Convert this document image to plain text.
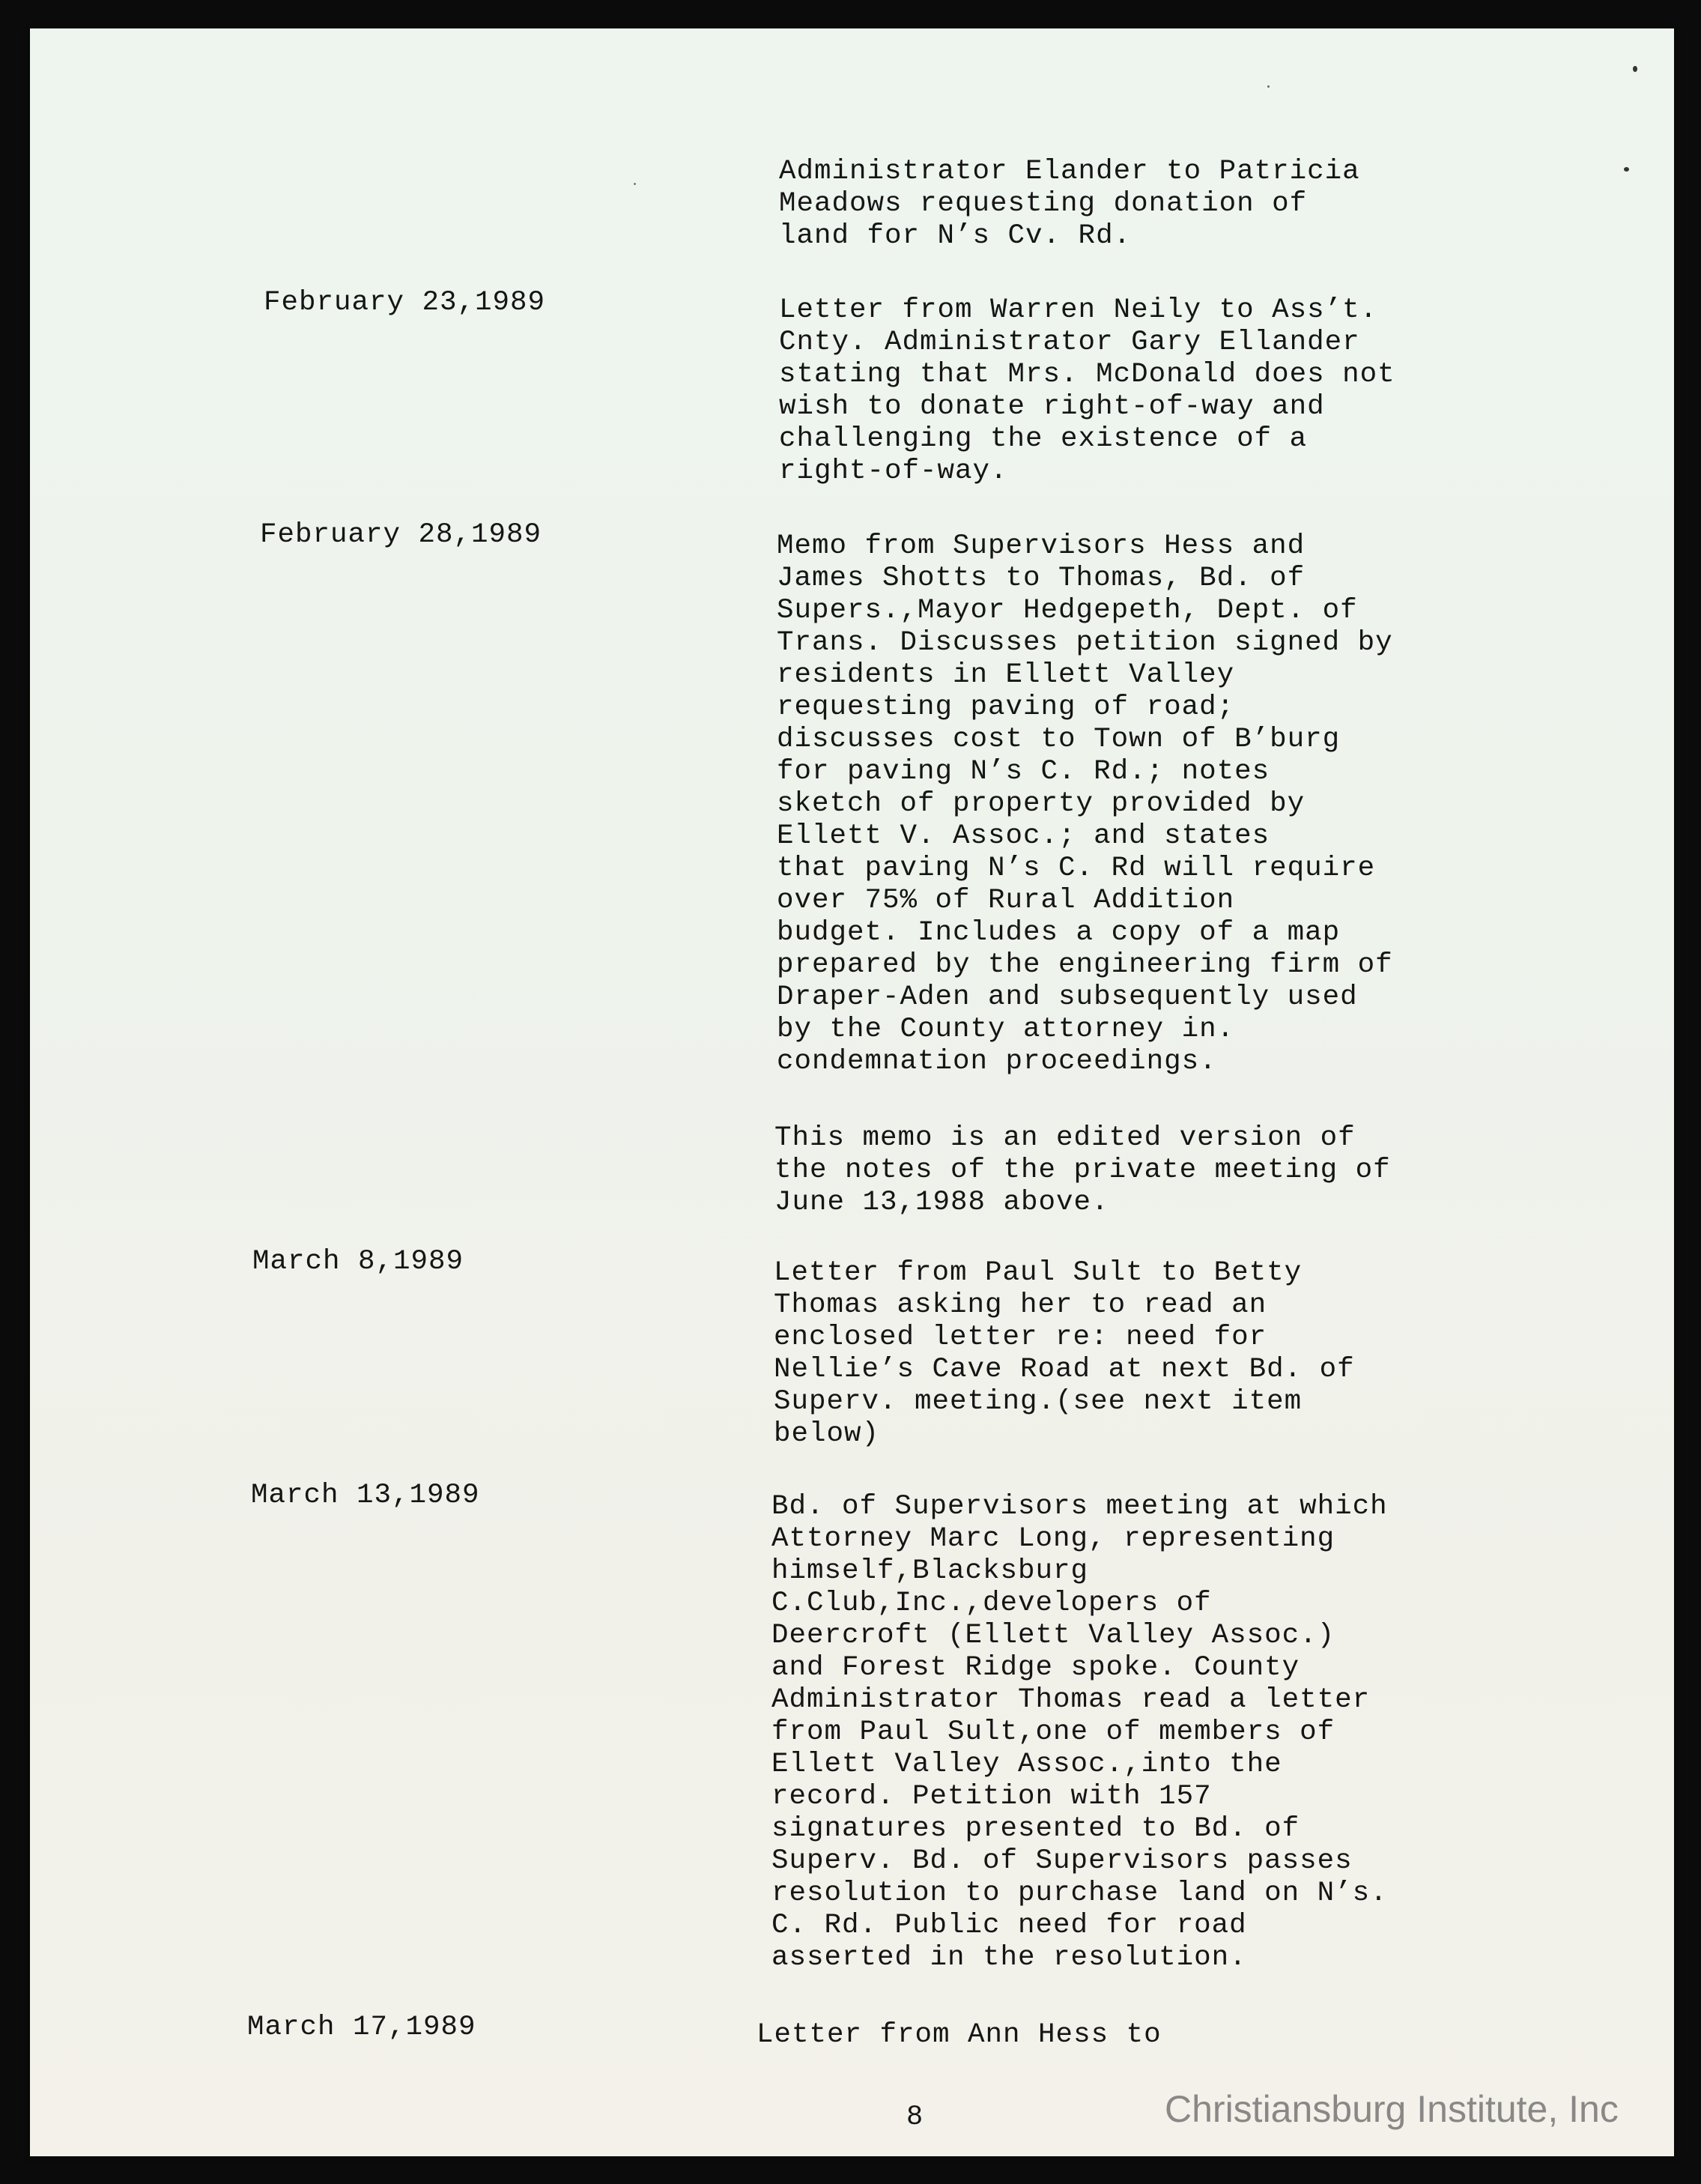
Administrator Elander to Patricia
Meadows requesting donation of
land for N’s Cv. Rd.
February 23,1989	Letter from Warren Neily to Ass’t.
Cnty. Administrator Gary Ellander
stating that Mrs. McDonald does not
wish to donate right-of-way and
challenging the existence of a
right-of-way.
February 28,1989	Memo from Supervisors Hess and
James Shotts to Thomas, Bd. of
Supers.,Mayor Hedgepeth, Dept. of
Trans. Discusses petition signed by
residents in Ellett Valley
requesting paving of road;
discusses cost to Town of B’burg
for paving N’s C. Rd.; notes
sketch of property provided by
Ellett V. Assoc.; and states
that paving N’s C. Rd will require
over 75% of Rural Addition
budget. Includes a copy of a map
prepared by the engineering firm of
Draper-Aden and subsequently used
by the County attorney in.
condemnation proceedings.
This memo is an edited version of
the notes of the private meeting of
June 13,1988 above.
March 8,1989	Letter from Paul Sult to Betty
Thomas asking her to read an
enclosed letter re: need for
Nellie’s Cave Road at next Bd. of
Superv. meeting.(see next item
below)
March 13,1989	Bd. of Supervisors meeting at which
Attorney Marc Long, representing
himself,Blacksburg
C.Club,Inc.,developers of
Deercroft (Ellett Valley Assoc.)
and Forest Ridge spoke. County
Administrator Thomas read a letter
from Paul Sult,one of members of
Ellett Valley Assoc.,into the
record. Petition with 157
signatures presented to Bd. of
Superv. Bd. of Supervisors passes
resolution to purchase land on N’s.
C. Rd. Public need for road
asserted in the resolution.
March 17,1989	Letter from Ann Hess to
8	Christiansburg Institute, Inc
